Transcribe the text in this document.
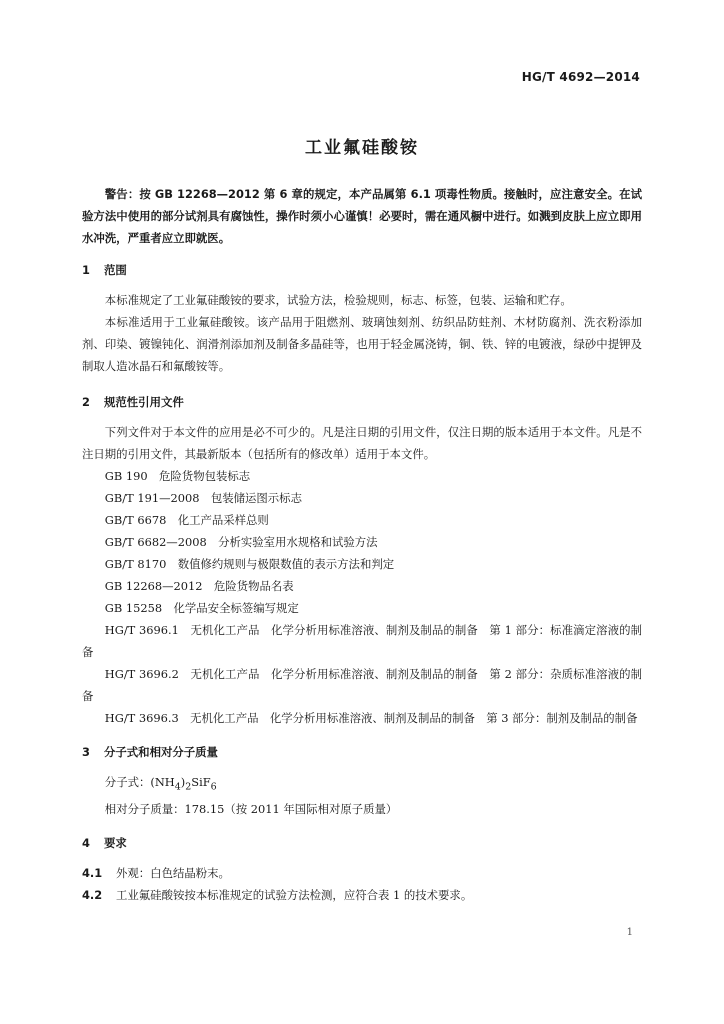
HG/T 4692—2014
工业氟硅酸铵

警告：按 GB 12268—2012 第 6 章的规定，本产品属第 6.1 项毒性物质。接触时，应注意安全。在试验方法中使用的部分试剂具有腐蚀性，操作时须小心谨慎！必要时，需在通风橱中进行。如溅到皮肤上应立即用水冲洗，严重者应立即就医。

1 范围

本标准规定了工业氟硅酸铵的要求，试验方法，检验规则，标志、标签，包装、运输和贮存。

本标准适用于工业氟硅酸铵。该产品用于阻燃剂、玻璃蚀刻剂、纺织品防蛀剂、木材防腐剂、洗衣粉添加剂、印染、镀镍钝化、润滑剂添加剂及制备多晶硅等，也用于轻金属浇铸，铜、铁、锌的电镀液，绿砂中提钾及制取人造冰晶石和氟酸铵等。

2 规范性引用文件

下列文件对于本文件的应用是必不可少的。凡是注日期的引用文件，仅注日期的版本适用于本文件。凡是不注日期的引用文件，其最新版本（包括所有的修改单）适用于本文件。

GB 190　危险货物包装标志

GB/T 191—2008　包装储运图示标志

GB/T 6678　化工产品采样总则

GB/T 6682—2008　分析实验室用水规格和试验方法

GB/T 8170　数值修约规则与极限数值的表示方法和判定

GB 12268—2012　危险货物品名表

GB 15258　化学品安全标签编写规定

HG/T 3696.1　无机化工产品　化学分析用标准溶液、制剂及制品的制备　第 1 部分：标准滴定溶液的制备

HG/T 3696.2　无机化工产品　化学分析用标准溶液、制剂及制品的制备　第 2 部分：杂质标准溶液的制备

HG/T 3696.3　无机化工产品　化学分析用标准溶液、制剂及制品的制备　第 3 部分：制剂及制品的制备

3 分子式和相对分子质量

分子式：$(NH_4)_2SiF_6$

相对分子质量：178.15（按 2011 年国际相对原子质量）

4 要求

4.1 外观：白色结晶粉末。

4.2 工业氟硅酸铵按本标准规定的试验方法检测，应符合表 1 的技术要求。

1
